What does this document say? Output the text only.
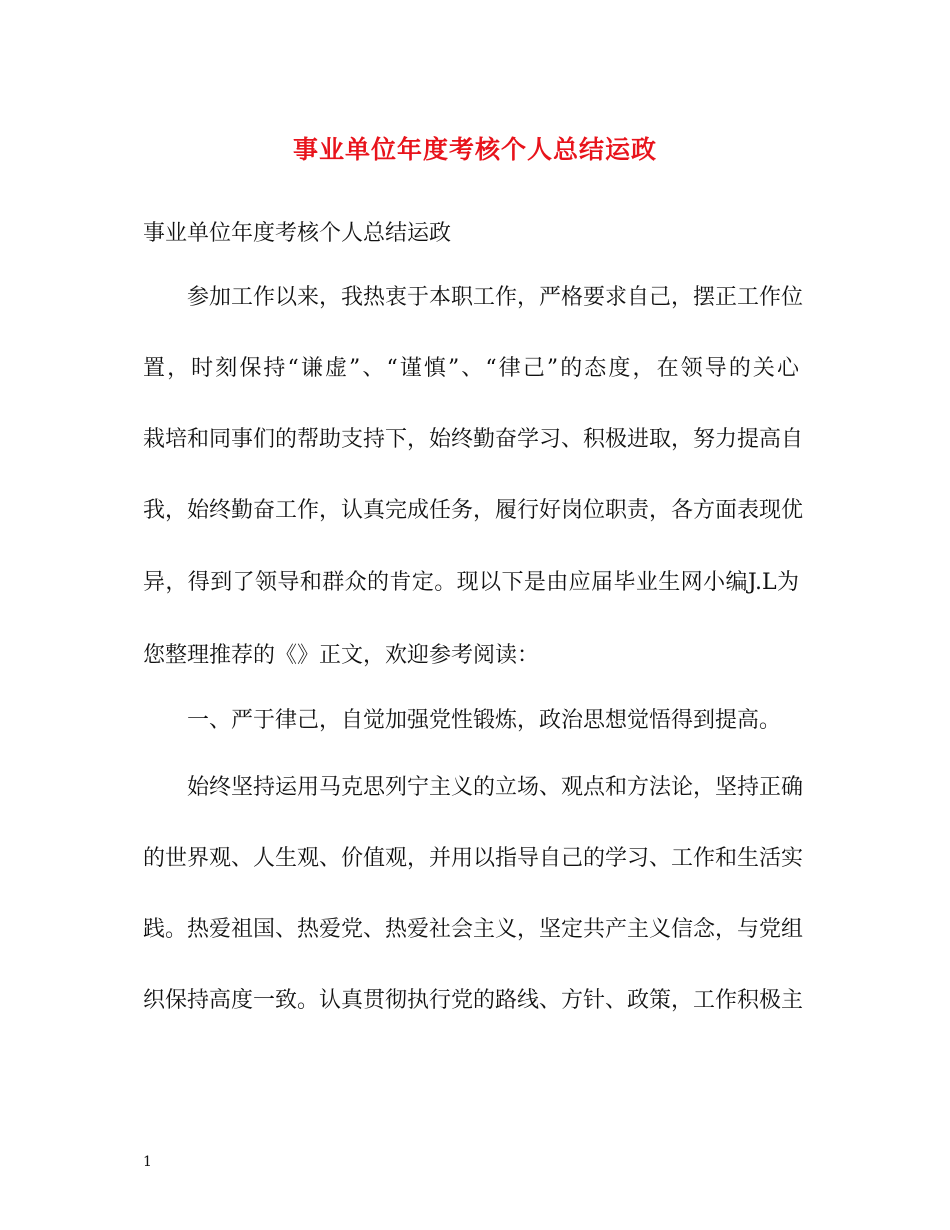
事业单位年度考核个人总结运政
事业单位年度考核个人总结运政
参加工作以来，我热衷于本职工作，严格要求自己，摆正工作位
置，时刻保持“谦虚”、“谨慎”、“律己”的态度，在领导的关心
栽培和同事们的帮助支持下，始终勤奋学习、积极进取，努力提高自
我，始终勤奋工作，认真完成任务，履行好岗位职责，各方面表现优
异，得到了领导和群众的肯定。现以下是由应届毕业生网小编J.L为
您整理推荐的《》正文，欢迎参考阅读：
一、严于律己，自觉加强党性锻炼，政治思想觉悟得到提高。
始终坚持运用马克思列宁主义的立场、观点和方法论，坚持正确
的世界观、人生观、价值观，并用以指导自己的学习、工作和生活实
践。热爱祖国、热爱党、热爱社会主义，坚定共产主义信念，与党组
织保持高度一致。认真贯彻执行党的路线、方针、政策，工作积极主
1
